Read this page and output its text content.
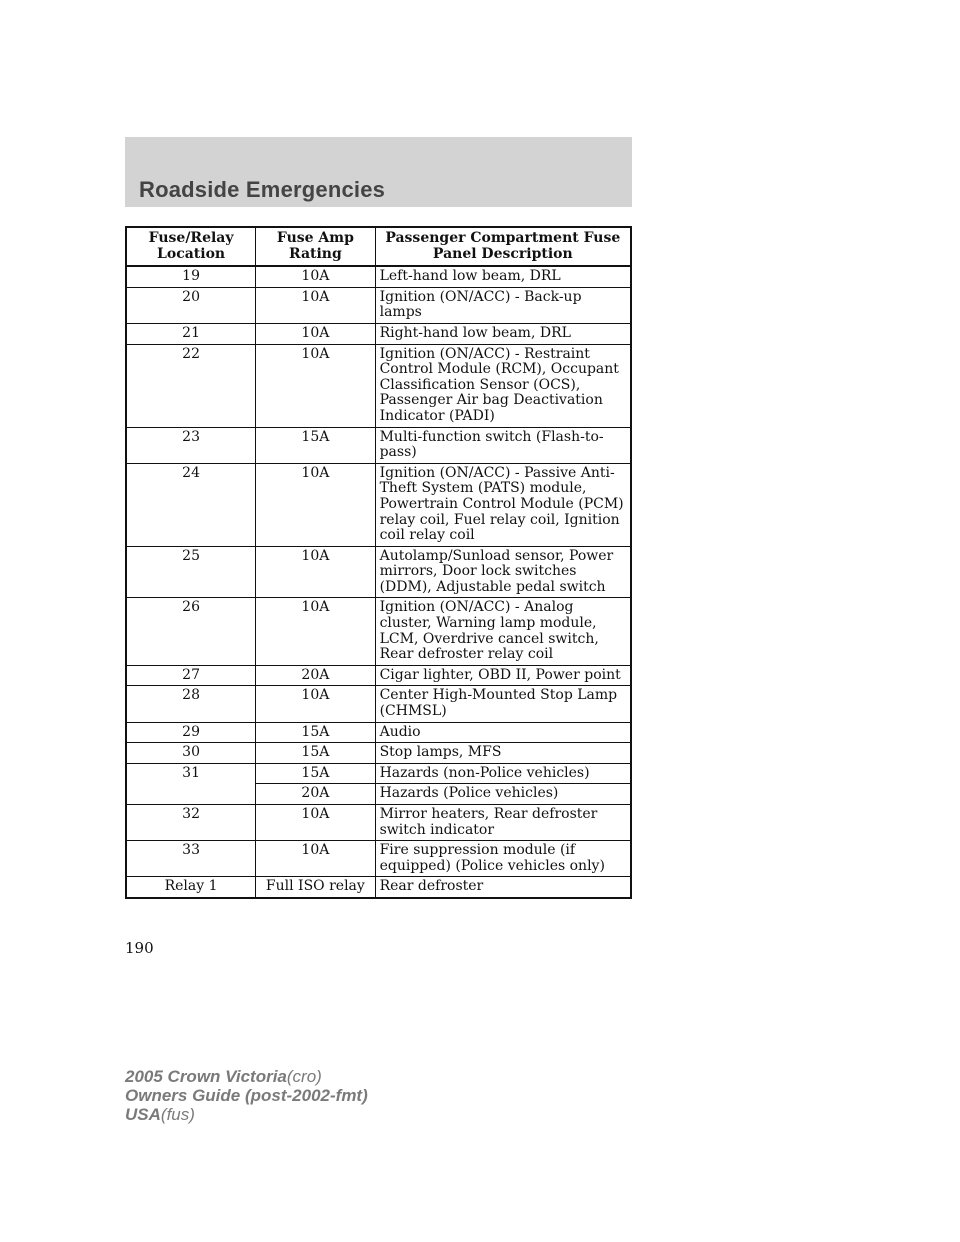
Roadside Emergencies
Fuse/Relay Location	Fuse Amp Rating	Passenger Compartment Fuse Panel Description
19	10A	Left-hand low beam, DRL
20	10A	Ignition (ON/ACC) - Back-up lamps
21	10A	Right-hand low beam, DRL
22	10A	Ignition (ON/ACC) - Restraint Control Module (RCM), Occupant Classification Sensor (OCS), Passenger Air bag Deactivation Indicator (PADI)
23	15A	Multi-function switch (Flash-to-pass)
24	10A	Ignition (ON/ACC) - Passive Anti-Theft System (PATS) module, Powertrain Control Module (PCM) relay coil, Fuel relay coil, Ignition coil relay coil
25	10A	Autolamp/Sunload sensor, Power mirrors, Door lock switches (DDM), Adjustable pedal switch
26	10A	Ignition (ON/ACC) - Analog cluster, Warning lamp module, LCM, Overdrive cancel switch, Rear defroster relay coil
27	20A	Cigar lighter, OBD II, Power point
28	10A	Center High-Mounted Stop Lamp (CHMSL)
29	15A	Audio
30	15A	Stop lamps, MFS
31	15A	Hazards (non-Police vehicles)
	20A	Hazards (Police vehicles)
32	10A	Mirror heaters, Rear defroster switch indicator
33	10A	Fire suppression module (if equipped) (Police vehicles only)
Relay 1	Full ISO relay	Rear defroster
190
2005 Crown Victoria(cro)
Owners Guide (post-2002-fmt)
USA(fus)
